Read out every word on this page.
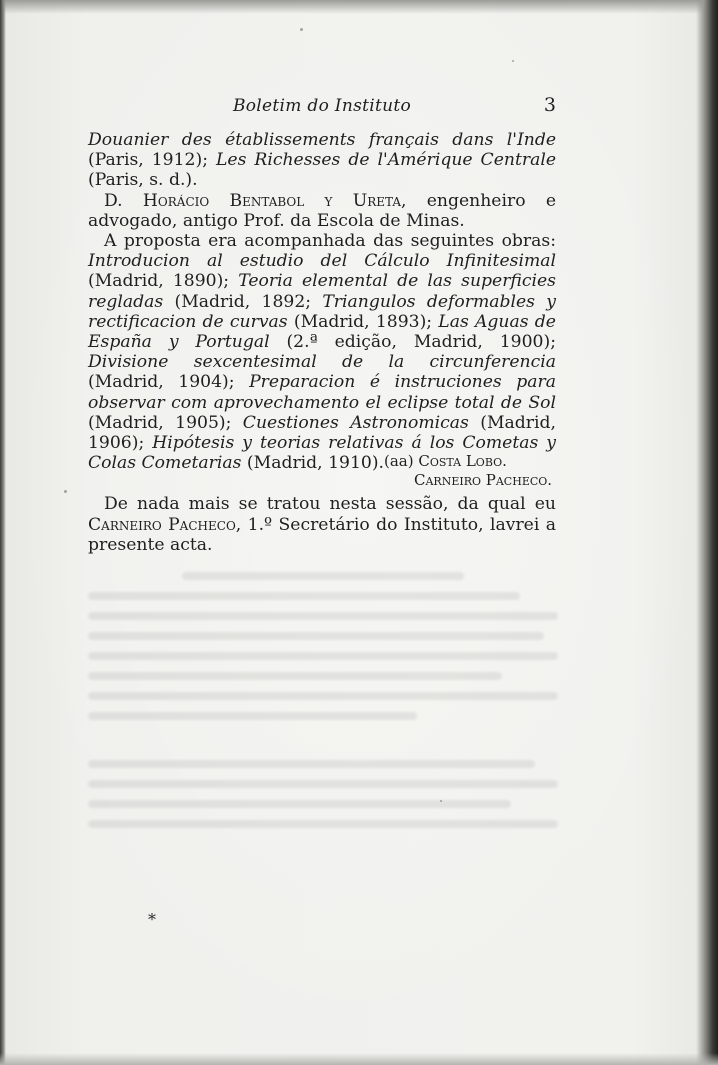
Boletim do Instituto	3

Douanier des établissements français dans l'Inde (Paris, 1912); Les Richesses de l'Amérique Centrale (Paris, s. d.).

D. Horácio Bentabol y Ureta, engenheiro e advogado, antigo Prof. da Escola de Minas.

A proposta era acompanhada das seguintes obras: Introducion al estudio del Cálculo Infinitesimal (Madrid, 1890); Teoria elemental de las superficies regladas (Madrid, 1892; Triangulos deformables y rectificacion de curvas (Madrid, 1893); Las Aguas de España y Portugal (2.ª edição, Madrid, 1900); Divisione sexcentesimal de la circunferencia (Madrid, 1904); Preparacion é instruciones para observar com aprovechamento el eclipse total de Sol (Madrid, 1905); Cuestiones Astronomicas (Madrid, 1906); Hipótesis y teorias relativas á los Cometas y Colas Cometarias (Madrid, 1910).

De nada mais se tratou nesta sessão, da qual eu Carneiro Pacheco, 1.º Secretário do Instituto, lavrei a presente acta.

(aa) Costa Lobo.
Carneiro Pacheco.
*
